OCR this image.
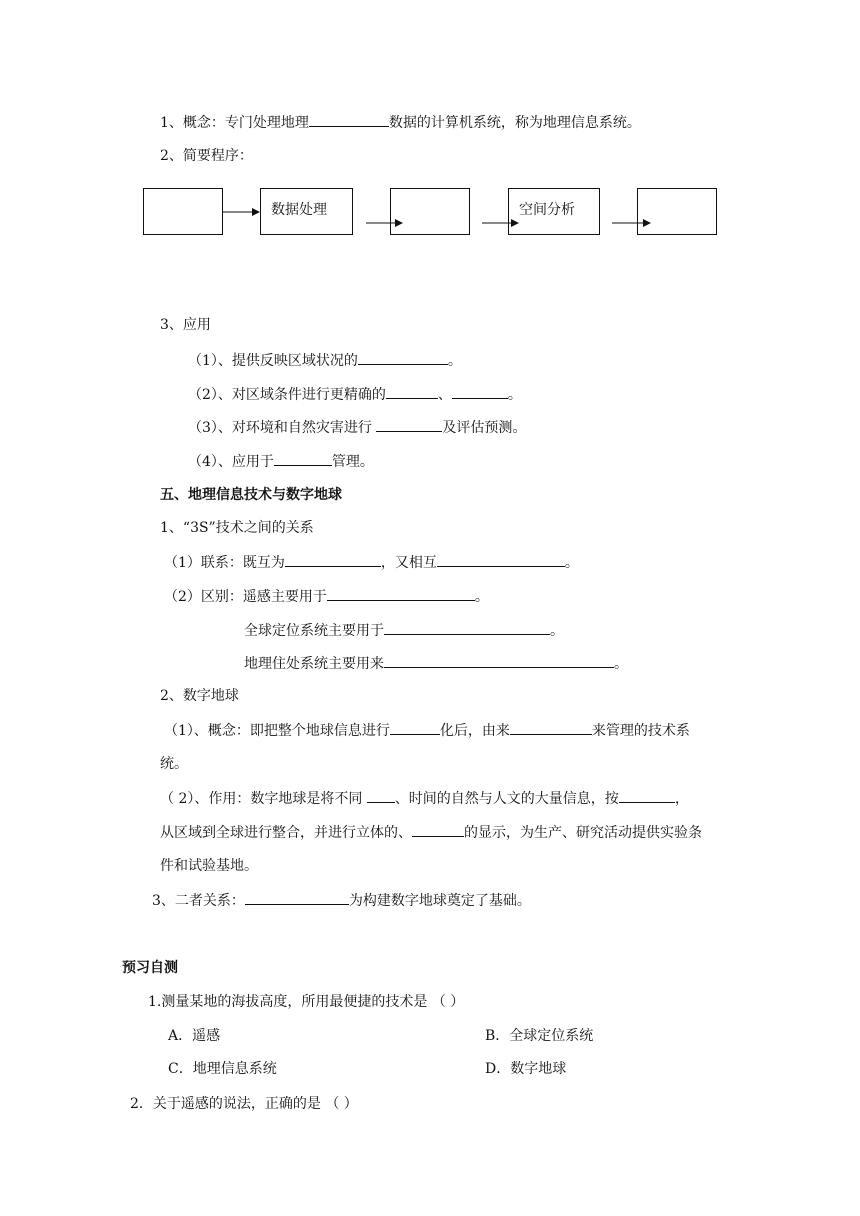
1、概念：专门处理地理	数据的计算机系统，称为地理信息系统。
2、简要程序：
数据处理	空间分析
3、应用
（1）、提供反映区域状况的	。
（2）、对区域条件进行更精确的	、	。
（3）、对环境和自然灾害进行	及评估预测。
（4）、应用于	管理。
五、地理信息技术与数字地球
1、“3S”技术之间的关系
（1）联系：既互为	，又相互	。
（2）区别：遥感主要用于	。
全球定位系统主要用于	。
地理住处系统主要用来	。
2、数字地球
（1）、概念：即把整个地球信息进行	化后，由来	来管理的技术系
统。
（ 2）、作用：数字地球是将不同 、时间的自然与人文的大量信息，按	，
从区域到全球进行整合，并进行立体的、	的显示，为生产、研究活动提供实验条
件和试验基地。
3、二者关系：	为构建数字地球奠定了基础。
预习自测
1.测量某地的海拔高度，所用最便捷的技术是 （ ）
A．遥感	B．全球定位系统
C．地理信息系统	D．数字地球
2．关于遥感的说法，正确的是 （ ）
